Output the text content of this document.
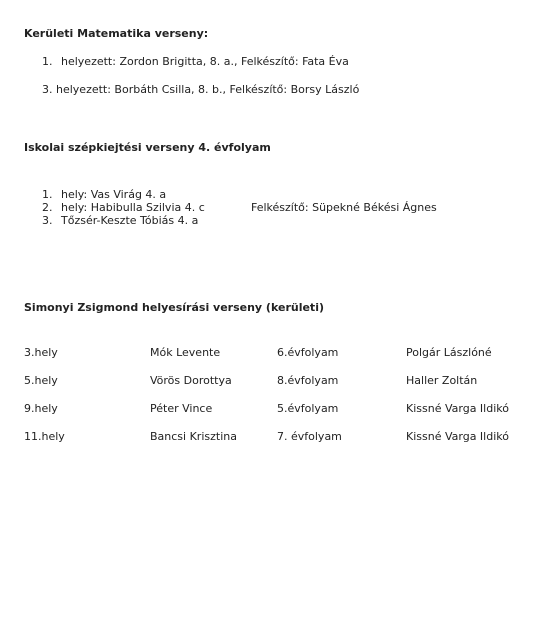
Kerületi Matematika verseny:
1. helyezett: Zordon Brigitta, 8. a., Felkészítő: Fata Éva
3. helyezett: Borbáth Csilla, 8. b., Felkészítő: Borsy László
Iskolai szépkiejtési verseny 4. évfolyam
1. hely: Vas Virág 4. a
2. hely: Habibulla Szilvia 4. c
3. Tőzsér-Keszte Tóbiás 4. a
Felkészítő: Süpekné Békési Ágnes
Simonyi Zsigmond helyesírási verseny (kerületi)
3.hely	Mók Levente	6.évfolyam	Polgár Lászlóné
5.hely	Vörös Dorottya	8.évfolyam	Haller Zoltán
9.hely	Péter Vince	5.évfolyam	Kissné Varga Ildikó
11.hely	Bancsi Krisztina	7. évfolyam	Kissné Varga Ildikó
